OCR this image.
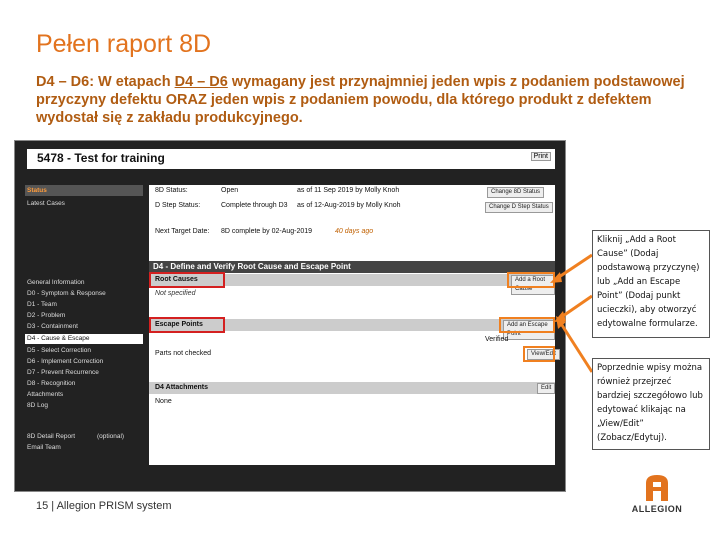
Pełen raport 8D
D4 – D6: W etapach D4 – D6 wymagany jest przynajmniej jeden wpis z podaniem podstawowej przyczyny defektu ORAZ jeden wpis z podaniem powodu, dla którego produkt z defektem wydostał się z zakładu produkcyjnego.
5478 - Test for training	Print
Status
Latest Cases
General Information
D0 - Symptom & Response
D1 - Team
D2 - Problem
D3 - Containment
D4 - Cause & Escape
D5 - Select Correction
D6 - Implement Correction
D7 - Prevent Recurrence
D8 - Recognition
Attachments
8D Log
8D Detail Report	(optional)
Email Team
8D Status:	Open	as of 11 Sep 2019 by Molly Knoh	Change 8D Status
D Step Status:	Complete through D3 as of 12-Aug-2019 by Molly Knoh	Change D Step Status
Next Target Date: 8D complete by 02-Aug-2019	40 days ago
D4 - Define and Verify Root Cause and Escape Point
Root Causes	Add a Root Cause
Not specified
Escape Points	Add an Escape Point
Verified
Parts not checked	View/Edit
D4 Attachments	Edit
None
Kliknij „Add a Root Cause” (Dodaj podstawową przyczynę) lub „Add an Escape Point” (Dodaj punkt ucieczki), aby otworzyć edytowalne formularze.
Poprzednie wpisy można również przejrzeć bardziej szczegółowo lub edytować klikając na „View/Edit” (Zobacz/Edytuj).
15 | Allegion PRISM system	ALLEGION
